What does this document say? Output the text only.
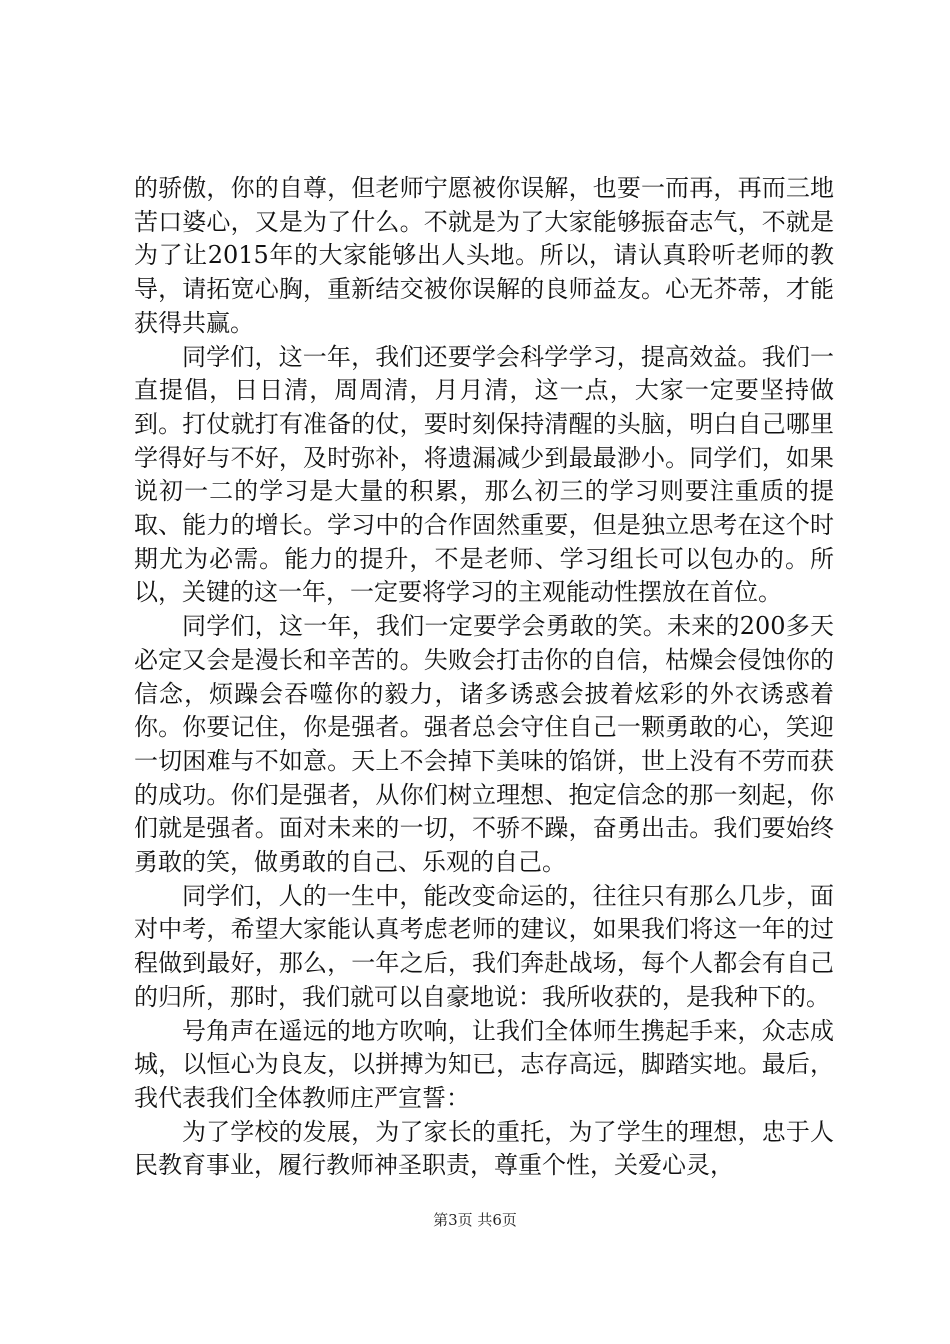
的骄傲，你的自尊，但老师宁愿被你误解，也要一而再，再而三地苦口婆心，又是为了什么。不就是为了大家能够振奋志气，不就是为了让2015年的大家能够出人头地。所以，请认真聆听老师的教导，请拓宽心胸，重新结交被你误解的良师益友。心无芥蒂，才能获得共赢。

同学们，这一年，我们还要学会科学学习，提高效益。我们一直提倡，日日清，周周清，月月清，这一点，大家一定要坚持做到。打仗就打有准备的仗，要时刻保持清醒的头脑，明白自己哪里学得好与不好，及时弥补，将遗漏减少到最最渺小。同学们，如果说初一二的学习是大量的积累，那么初三的学习则要注重质的提取、能力的增长。学习中的合作固然重要，但是独立思考在这个时期尤为必需。能力的提升，不是老师、学习组长可以包办的。所以，关键的这一年，一定要将学习的主观能动性摆放在首位。

同学们，这一年，我们一定要学会勇敢的笑。未来的200多天必定又会是漫长和辛苦的。失败会打击你的自信，枯燥会侵蚀你的信念，烦躁会吞噬你的毅力，诸多诱惑会披着炫彩的外衣诱惑着你。你要记住，你是强者。强者总会守住自己一颗勇敢的心，笑迎一切困难与不如意。天上不会掉下美味的馅饼，世上没有不劳而获的成功。你们是强者，从你们树立理想、抱定信念的那一刻起，你们就是强者。面对未来的一切，不骄不躁，奋勇出击。我们要始终勇敢的笑，做勇敢的自己、乐观的自己。

同学们，人的一生中，能改变命运的，往往只有那么几步，面对中考，希望大家能认真考虑老师的建议，如果我们将这一年的过程做到最好，那么，一年之后，我们奔赴战场，每个人都会有自己的归所，那时，我们就可以自豪地说：我所收获的，是我种下的。

号角声在遥远的地方吹响，让我们全体师生携起手来，众志成城，以恒心为良友，以拼搏为知已，志存高远，脚踏实地。最后，我代表我们全体教师庄严宣誓：

为了学校的发展，为了家长的重托，为了学生的理想，忠于人民教育事业，履行教师神圣职责，尊重个性，关爱心灵，

第3页 共6页
